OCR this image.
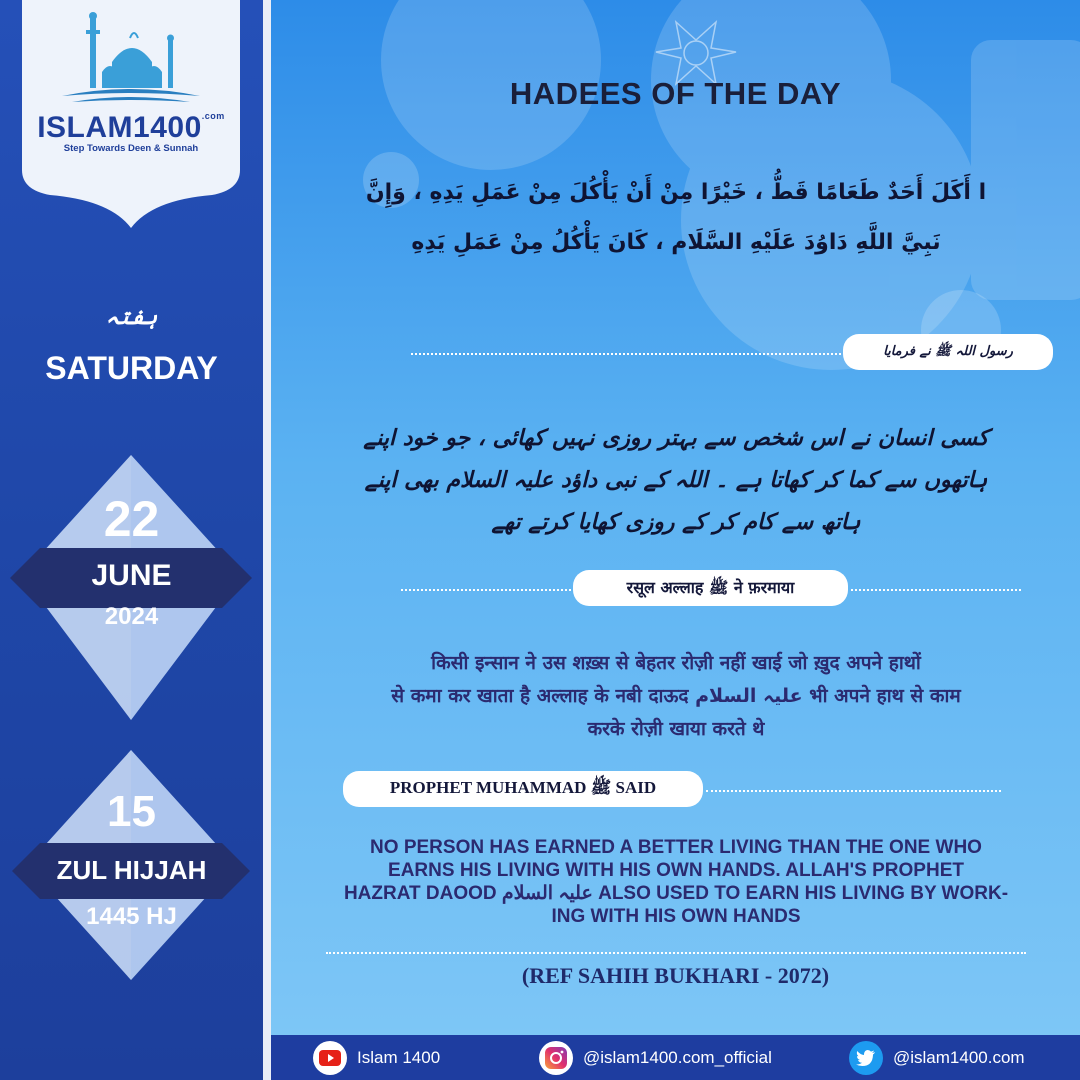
$ISLAM1400^{.com}$
Step Towards Deen & Sunnah
ہفتہ
SATURDAY
22
JUNE
2024
15
ZUL HIJJAH
1445 HJ
HADEES OF THE DAY
ا أَكَلَ أَحَدٌ طَعَامًا قَطُّ ، خَيْرًا مِنْ أَنْ يَأْكُلَ مِنْ عَمَلِ يَدِهِ ، وَإِنَّ
نَبِيَّ اللَّهِ دَاوُدَ عَلَيْهِ السَّلَام ، كَانَ يَأْكُلُ مِنْ عَمَلِ يَدِهِ
رسول اللہ ﷺ نے فرمایا
کسی انسان نے اس شخص سے بہتر روزی نہیں کھائی ، جو خود اپنے
ہاتھوں سے کما کر کھاتا ہے ۔ اللہ کے نبی داؤد علیہ السلام بھی اپنے
ہاتھ سے کام کر کے روزی کھایا کرتے تھے
रसूल अल्लाह ﷺ ने फ़रमाया
किसी इन्सान ने उस शख़्स से बेहतर रोज़ी नहीं खाई जो ख़ुद अपने हाथों
से कमा कर खाता है अल्लाह के नबी दाऊद علیہ السلام भी अपने हाथ से काम
करके रोज़ी खाया करते थे
PROPHET MUHAMMAD ﷺ SAID
NO PERSON HAS EARNED A BETTER LIVING THAN THE ONE WHO
EARNS HIS LIVING WITH HIS OWN HANDS. ALLAH'S PROPHET
HAZRAT DAOOD علیہ السلام ALSO USED TO EARN HIS LIVING BY WORK-
ING WITH HIS OWN HANDS
(REF SAHIH BUKHARI - 2072)
Islam 1400	@islam1400.com_official	@islam1400.com
